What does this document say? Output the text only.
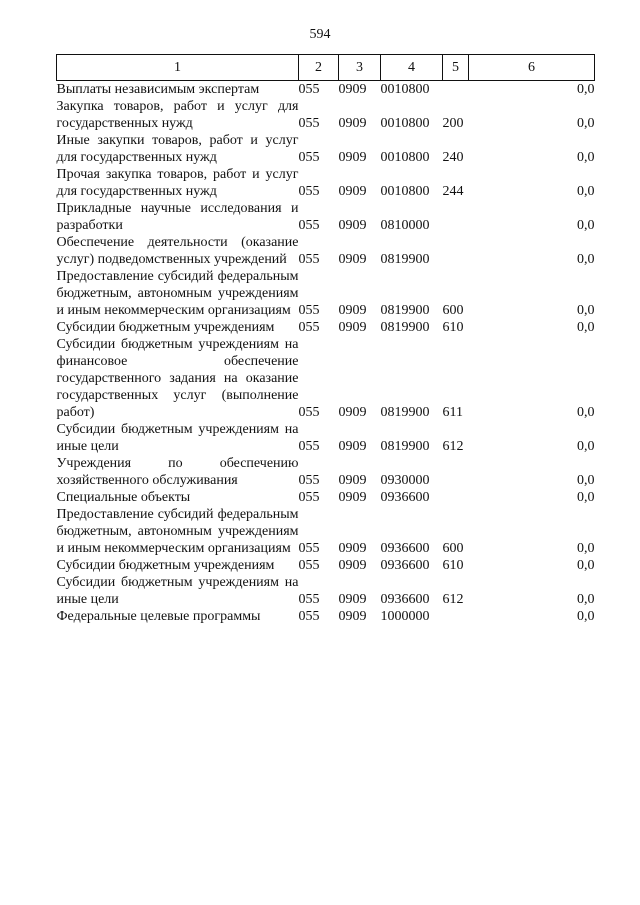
594
1	2	3	4	5	6
Выплаты независимым экспертам	055	0909	0010800		0,0
Закупка товаров, работ и услуг для государственных нужд	055	0909	0010800	200	0,0
Иные закупки товаров, работ и услуг для государственных нужд	055	0909	0010800	240	0,0
Прочая закупка товаров, работ и услуг для государственных нужд	055	0909	0010800	244	0,0
Прикладные научные исследования и разработки	055	0909	0810000		0,0
Обеспечение деятельности (оказание услуг) подведомственных учреждений	055	0909	0819900		0,0
Предоставление субсидий федеральным бюджетным, автономным учреждениям и иным некоммерческим организациям	055	0909	0819900	600	0,0
Субсидии бюджетным учреждениям	055	0909	0819900	610	0,0
Субсидии бюджетным учреждениям на финансовое обеспечение государственного задания на оказание государственных услуг (выполнение работ)	055	0909	0819900	611	0,0
Субсидии бюджетным учреждениям на иные цели	055	0909	0819900	612	0,0
Учреждения по обеспечению хозяйственного обслуживания	055	0909	0930000		0,0
Специальные объекты	055	0909	0936600		0,0
Предоставление субсидий федеральным бюджетным, автономным учреждениям и иным некоммерческим организациям	055	0909	0936600	600	0,0
Субсидии бюджетным учреждениям	055	0909	0936600	610	0,0
Субсидии бюджетным учреждениям на иные цели	055	0909	0936600	612	0,0
Федеральные целевые программы	055	0909	1000000		0,0
